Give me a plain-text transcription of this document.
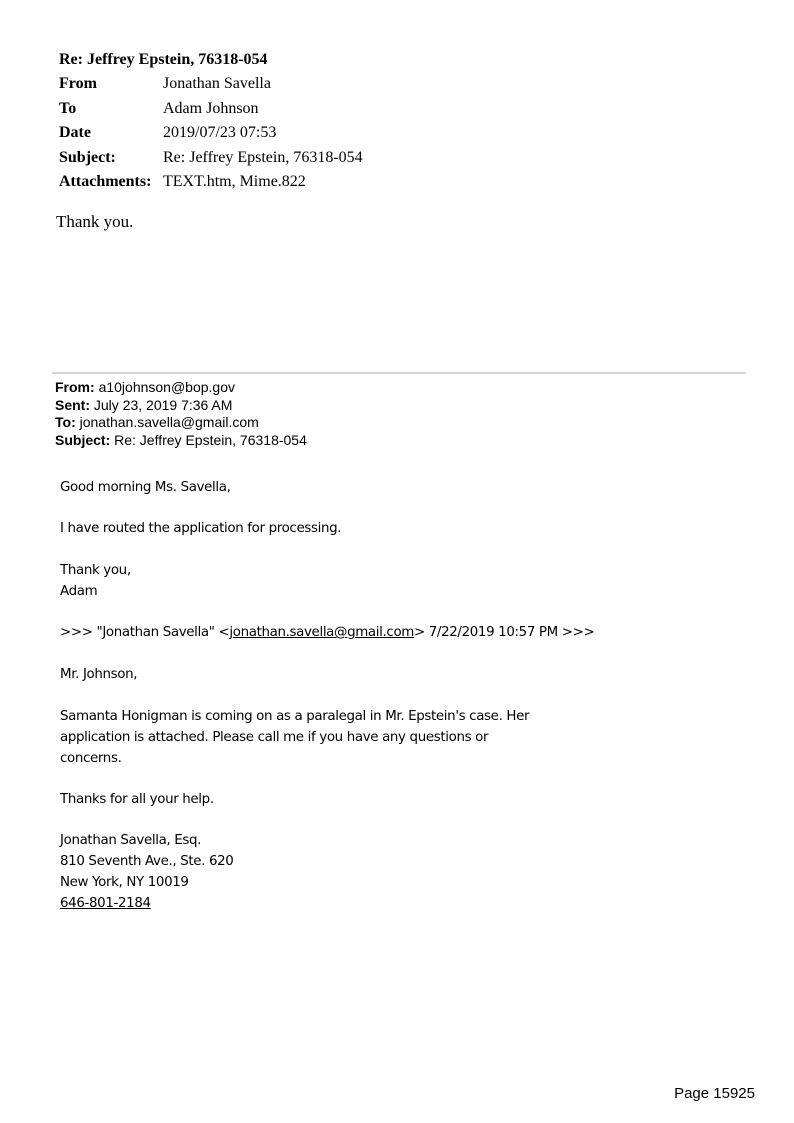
Re: Jeffrey Epstein, 76318-054
From	Jonathan Savella
To	Adam Johnson
Date	2019/07/23 07:53
Subject:	Re: Jeffrey Epstein, 76318-054
Attachments:	TEXT.htm, Mime.822
Thank you.
From: a10johnson@bop.gov
Sent: July 23, 2019 7:36 AM
To: jonathan.savella@gmail.com
Subject: Re: Jeffrey Epstein, 76318-054
Good morning Ms. Savella,
I have routed the application for processing.
Thank you,
Adam
>>> "Jonathan Savella" <jonathan.savella@gmail.com> 7/22/2019 10:57 PM >>>
Mr. Johnson,
Samanta Honigman is coming on as a paralegal in Mr. Epstein's case. Her
application is attached. Please call me if you have any questions or
concerns.
Thanks for all your help.
Jonathan Savella, Esq.
810 Seventh Ave., Ste. 620
New York, NY 10019
646-801-2184
Page 15925
